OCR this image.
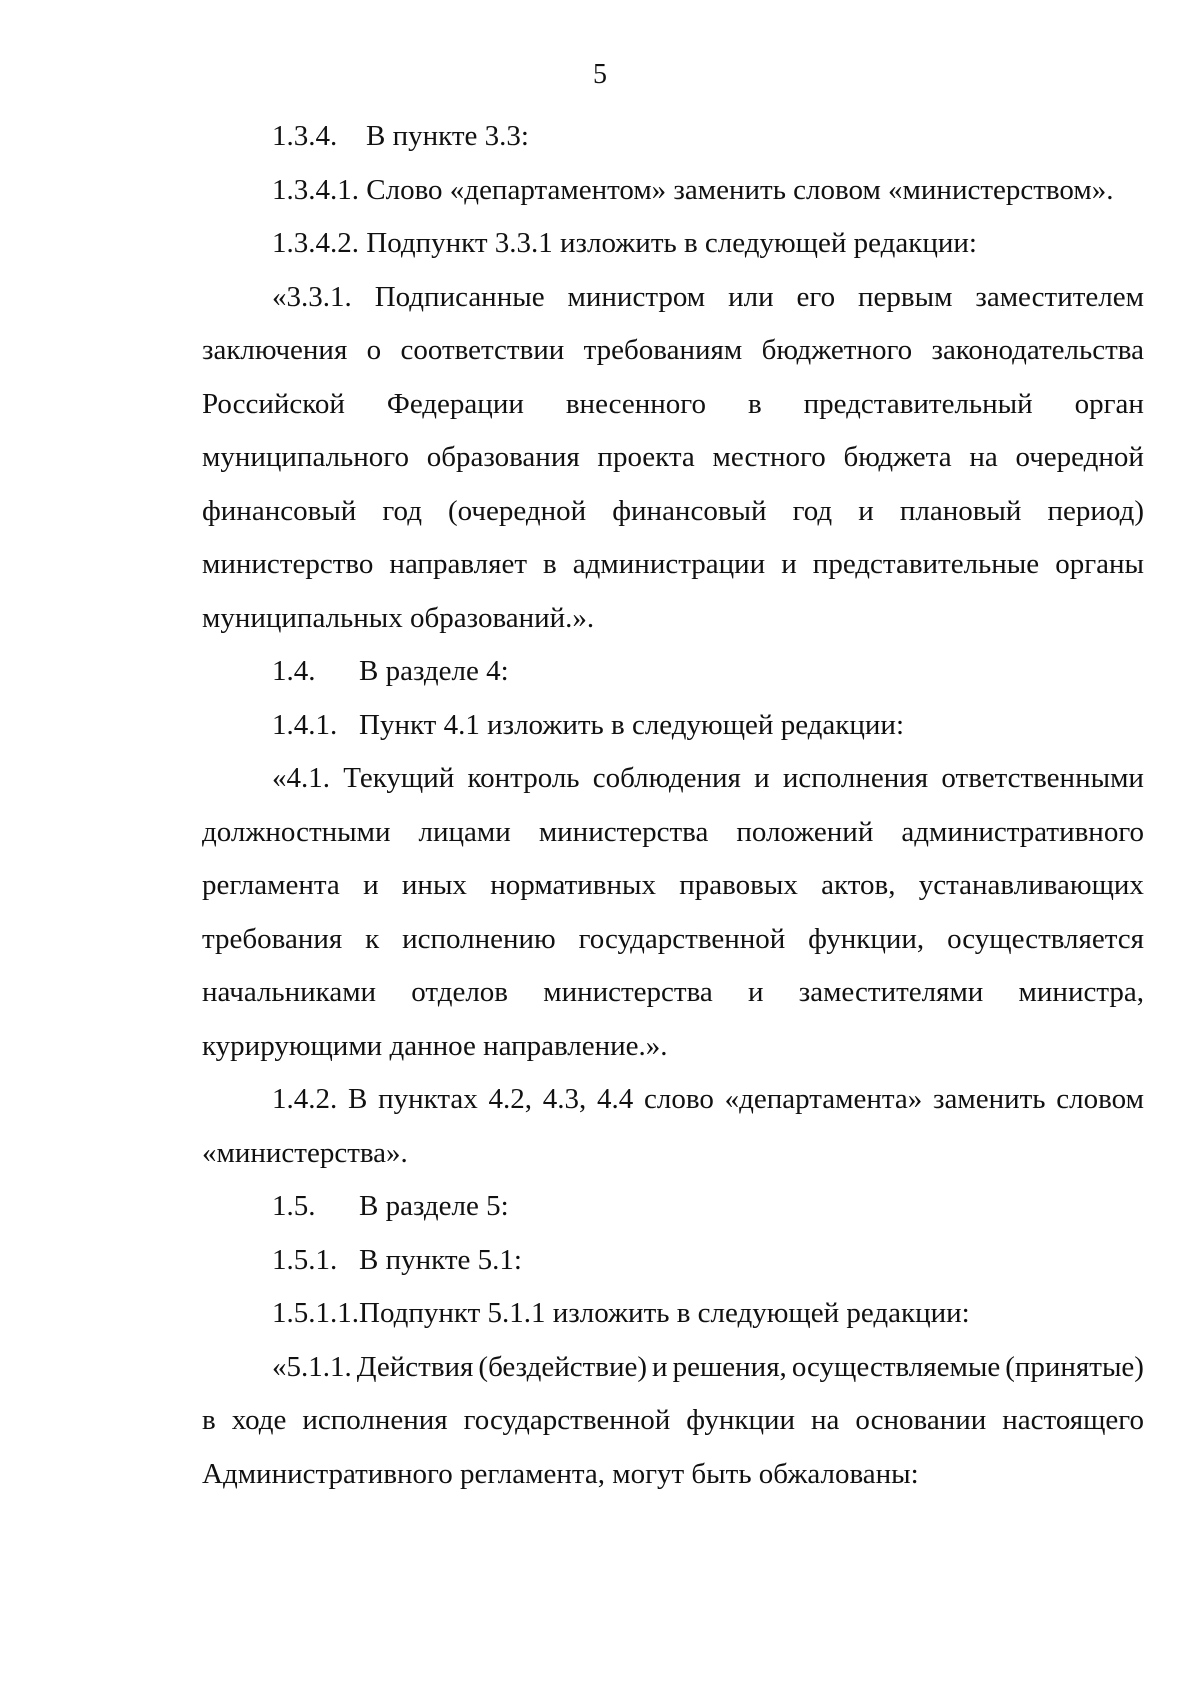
5
1.3.4. В пункте 3.3:
1.3.4.1. Слово «департаментом» заменить словом «министерством».
1.3.4.2. Подпункт 3.3.1 изложить в следующей редакции:
«3.3.1. Подписанные министром или его первым заместителем
заключения о соответствии требованиям бюджетного законодательства
Российской Федерации внесенного в представительный орган
муниципального образования проекта местного бюджета на очередной
финансовый год (очередной финансовый год и плановый период)
министерство направляет в администрации и представительные органы
муниципальных образований.».
1.4. В разделе 4:
1.4.1. Пункт 4.1 изложить в следующей редакции:
«4.1. Текущий контроль соблюдения и исполнения ответственными
должностными лицами министерства положений административного
регламента и иных нормативных правовых актов, устанавливающих
требования к исполнению государственной функции, осуществляется
начальниками отделов министерства и заместителями министра,
курирующими данное направление.».
1.4.2. В пунктах 4.2, 4.3, 4.4 слово «департамента» заменить словом
«министерства».
1.5. В разделе 5:
1.5.1. В пункте 5.1:
1.5.1.1.Подпункт 5.1.1 изложить в следующей редакции:
«5.1.1. Действия (бездействие) и решения, осуществляемые (принятые)
в ходе исполнения государственной функции на основании настоящего
Административного регламента, могут быть обжалованы:
